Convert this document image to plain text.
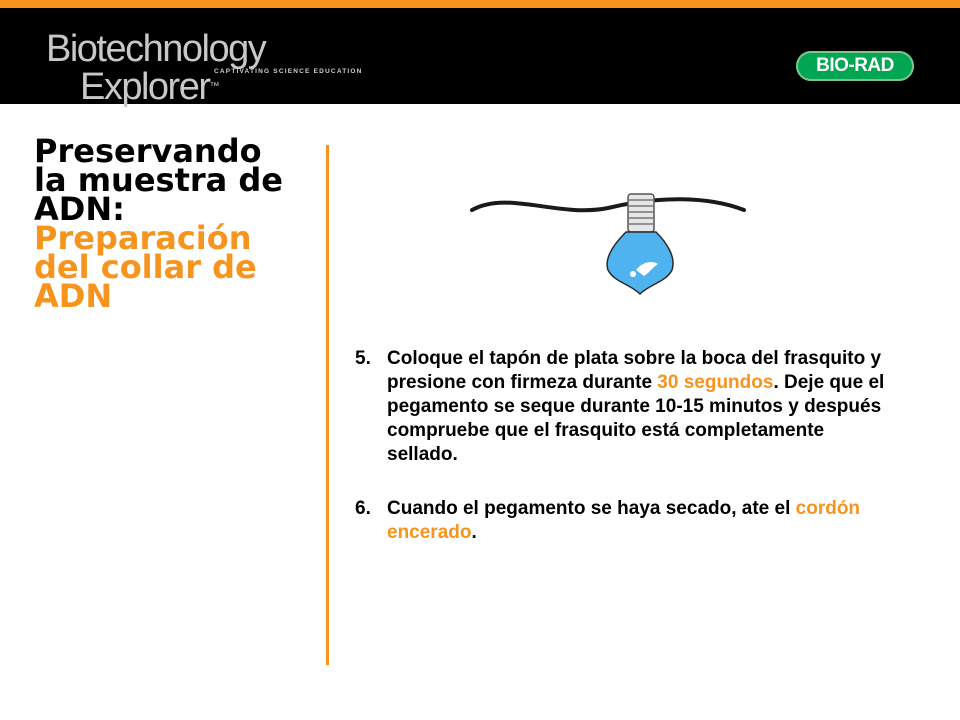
Biotechnology
Explorer™
CAPTIVATING SCIENCE EDUCATION	BIO-RAD
Preservando la muestra de ADN:
Preparación del collar de ADN
5. Coloque el tapón de plata sobre la boca del frasquito y presione con firmeza durante 30 segundos. Deje que el pegamento se seque durante 10-15 minutos y después compruebe que el frasquito está completamente sellado.
6. Cuando el pegamento se haya secado, ate el cordón encerado.
